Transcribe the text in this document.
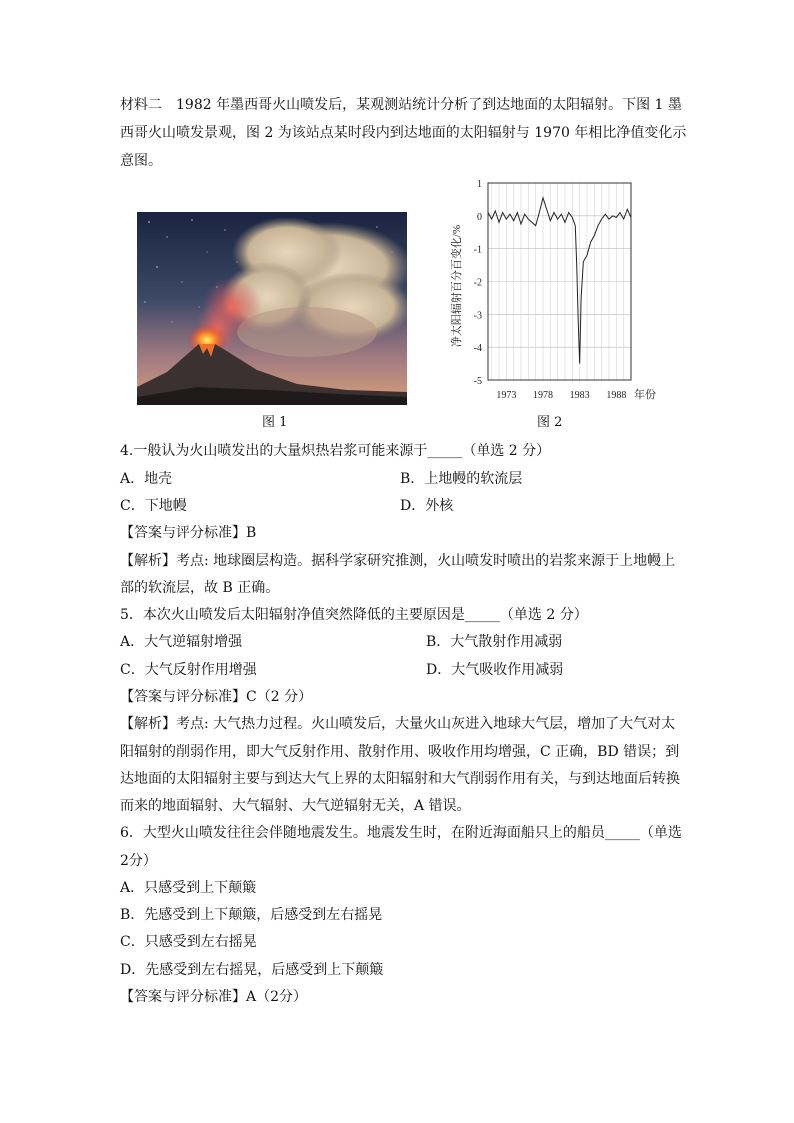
材料二　1982 年墨西哥火山喷发后，某观测站统计分析了到达地面的太阳辐射。下图 1 墨
西哥火山喷发景观，图 2 为该站点某时段内到达地面的太阳辐射与 1970 年相比净值变化示
意图。
图 1
1
0
-1
-2
-3
-4
-5
1973 1978 1983 1988
净太阳辐射百分百变化/%
年份
图 2
4.一般认为火山喷发出的大量炽热岩浆可能来源于_____（单选 2 分）
A．地壳	B．上地幔的软流层
C．下地幔	D．外核
【答案与评分标准】B
【解析】考点: 地球圈层构造。据科学家研究推测，火山喷发时喷出的岩浆来源于上地幔上
部的软流层，故 B 正确。
5．本次火山喷发后太阳辐射净值突然降低的主要原因是_____（单选 2 分）
A．大气逆辐射增强	B．大气散射作用减弱
C．大气反射作用增强	D．大气吸收作用减弱
【答案与评分标准】C（2 分）
【解析】考点: 大气热力过程。火山喷发后，大量火山灰进入地球大气层，增加了大气对太
阳辐射的削弱作用，即大气反射作用、散射作用、吸收作用均增强，C 正确，BD 错误；到
达地面的太阳辐射主要与到达大气上界的太阳辐射和大气削弱作用有关，与到达地面后转换
而来的地面辐射、大气辐射、大气逆辐射无关，A 错误。
6．大型火山喷发往往会伴随地震发生。地震发生时，在附近海面船只上的船员_____（单选
2分）
A．只感受到上下颠簸
B．先感受到上下颠簸，后感受到左右摇晃
C．只感受到左右摇晃
D．先感受到左右摇晃，后感受到上下颠簸
【答案与评分标准】A（2分）
